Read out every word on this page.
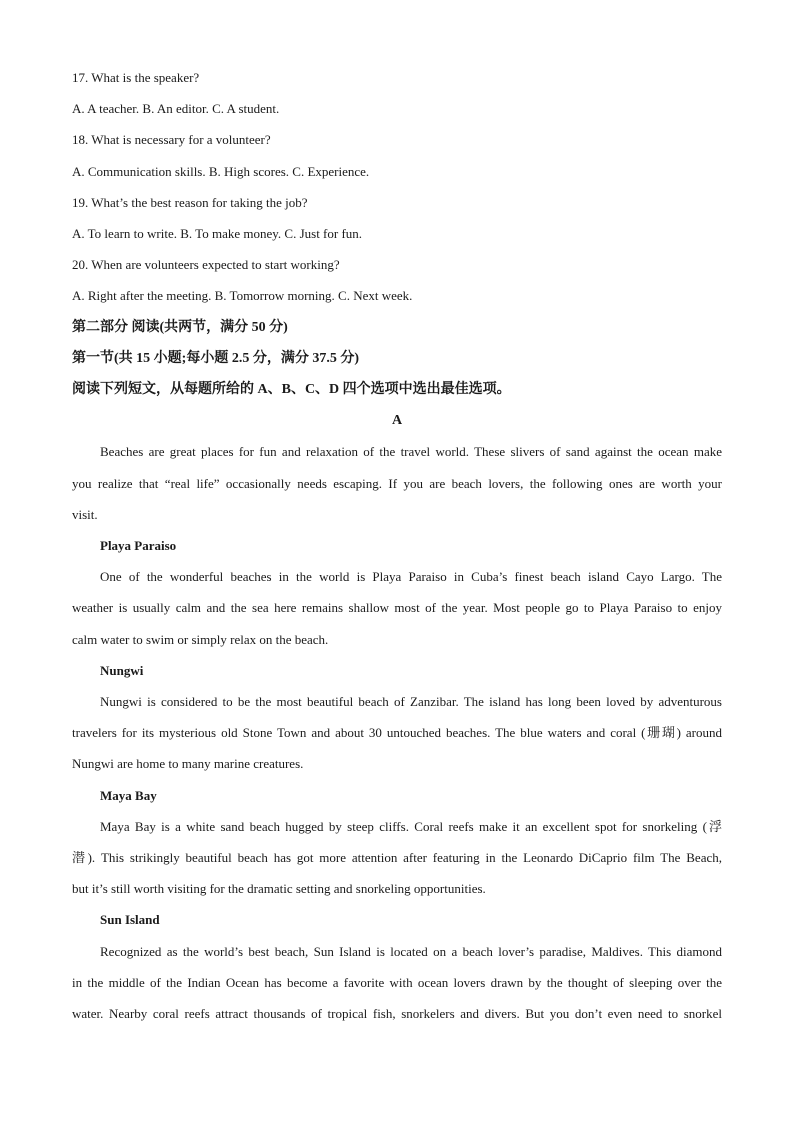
17. What is the speaker?

A. A teacher. B. An editor. C. A student.

18. What is necessary for a volunteer?

A. Communication skills. B. High scores. C. Experience.

19. What’s the best reason for taking the job?

A. To learn to write. B. To make money. C. Just for fun.

20. When are volunteers expected to start working?

A. Right after the meeting. B. Tomorrow morning. C. Next week.

第二部分 阅读(共两节，满分 50 分)

第一节(共 15 小题;每小题 2.5 分，满分 37.5 分)

阅读下列短文，从每题所给的 A、B、C、D 四个选项中选出最佳选项。

A

Beaches are great places for fun and relaxation of the travel world. These slivers of sand against the ocean make
you realize that “real life” occasionally needs escaping. If you are beach lovers, the following ones are worth your
visit.

Playa Paraiso

One of the wonderful beaches in the world is Playa Paraiso in Cuba’s finest beach island Cayo Largo. The
weather is usually calm and the sea here remains shallow most of the year. Most people go to Playa Paraiso to enjoy
calm water to swim or simply relax on the beach.

Nungwi

Nungwi is considered to be the most beautiful beach of Zanzibar. The island has long been loved by adventurous
travelers for its mysterious old Stone Town and about 30 untouched beaches. The blue waters and coral (珊瑚) around
Nungwi are home to many marine creatures.

Maya Bay

Maya Bay is a white sand beach hugged by steep cliffs. Coral reefs make it an excellent spot for snorkeling (浮
潜). This strikingly beautiful beach has got more attention after featuring in the Leonardo DiCaprio film The Beach,
but it’s still worth visiting for the dramatic setting and snorkeling opportunities.

Sun Island

Recognized as the world’s best beach, Sun Island is located on a beach lover’s paradise, Maldives. This diamond
in the middle of the Indian Ocean has become a favorite with ocean lovers drawn by the thought of sleeping over the
water. Nearby coral reefs attract thousands of tropical fish, snorkelers and divers. But you don’t even need to snorkel
